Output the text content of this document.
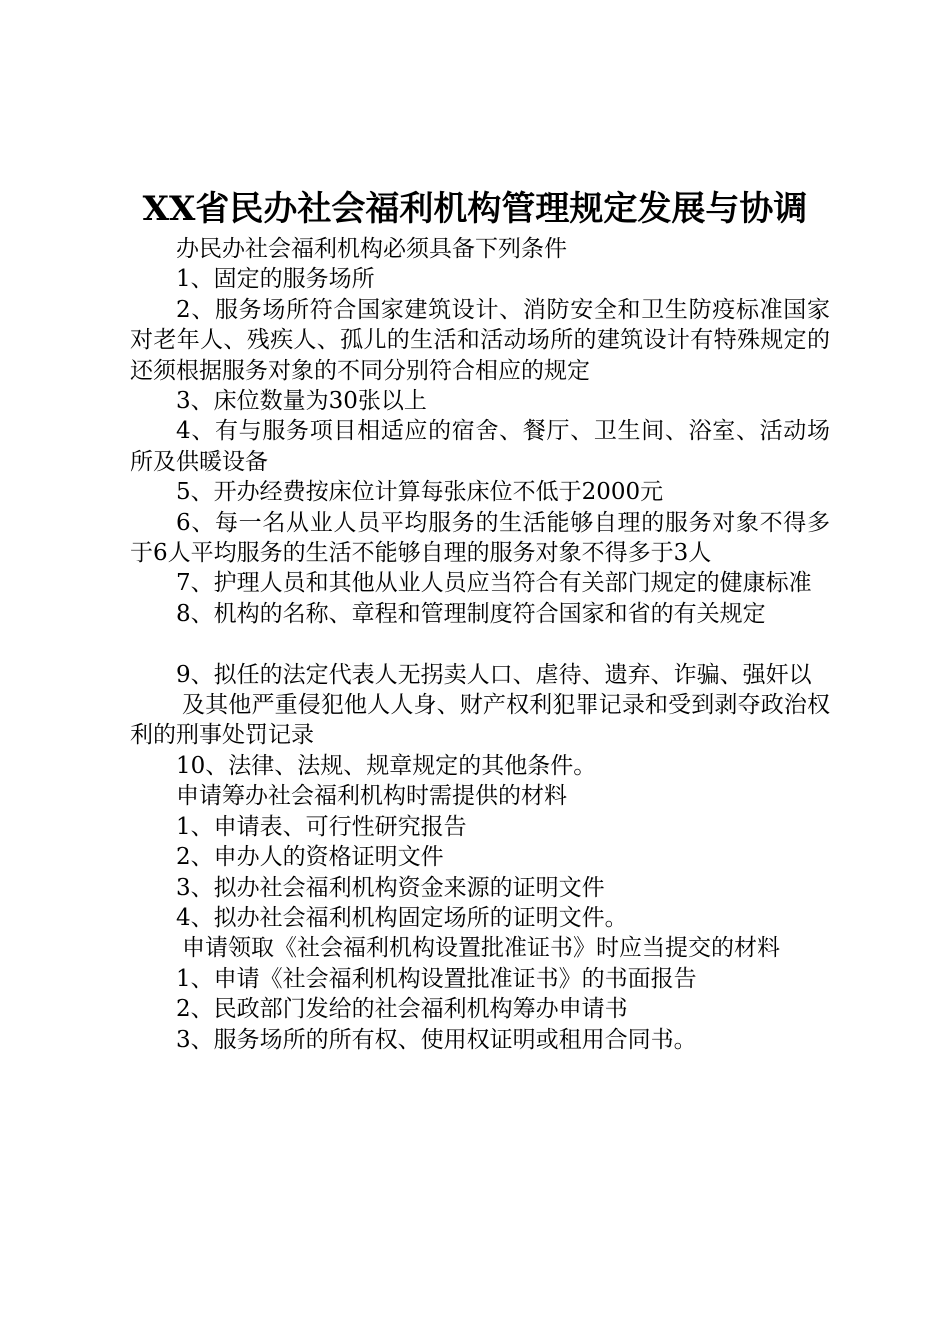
XX省民办社会福利机构管理规定发展与协调

办民办社会福利机构必须具备下列条件

1、固定的服务场所

2、服务场所符合国家建筑设计、消防安全和卫生防疫标准国家对老年人、残疾人、孤儿的生活和活动场所的建筑设计有特殊规定的还须根据服务对象的不同分别符合相应的规定

3、床位数量为30张以上

4、有与服务项目相适应的宿舍、餐厅、卫生间、浴室、活动场所及供暖设备

5、开办经费按床位计算每张床位不低于2000元

6、每一名从业人员平均服务的生活能够自理的服务对象不得多于6人平均服务的生活不能够自理的服务对象不得多于3人

7、护理人员和其他从业人员应当符合有关部门规定的健康标准

8、机构的名称、章程和管理制度符合国家和省的有关规定

9、拟任的法定代表人无拐卖人口、虐待、遗弃、诈骗、强奸以

及其他严重侵犯他人人身、财产权利犯罪记录和受到剥夺政治权利的刑事处罚记录

10、法律、法规、规章规定的其他条件。

申请筹办社会福利机构时需提供的材料

1、申请表、可行性研究报告

2、申办人的资格证明文件

3、拟办社会福利机构资金来源的证明文件

4、拟办社会福利机构固定场所的证明文件。

申请领取《社会福利机构设置批准证书》时应当提交的材料

1、申请《社会福利机构设置批准证书》的书面报告

2、民政部门发给的社会福利机构筹办申请书

3、服务场所的所有权、使用权证明或租用合同书。
